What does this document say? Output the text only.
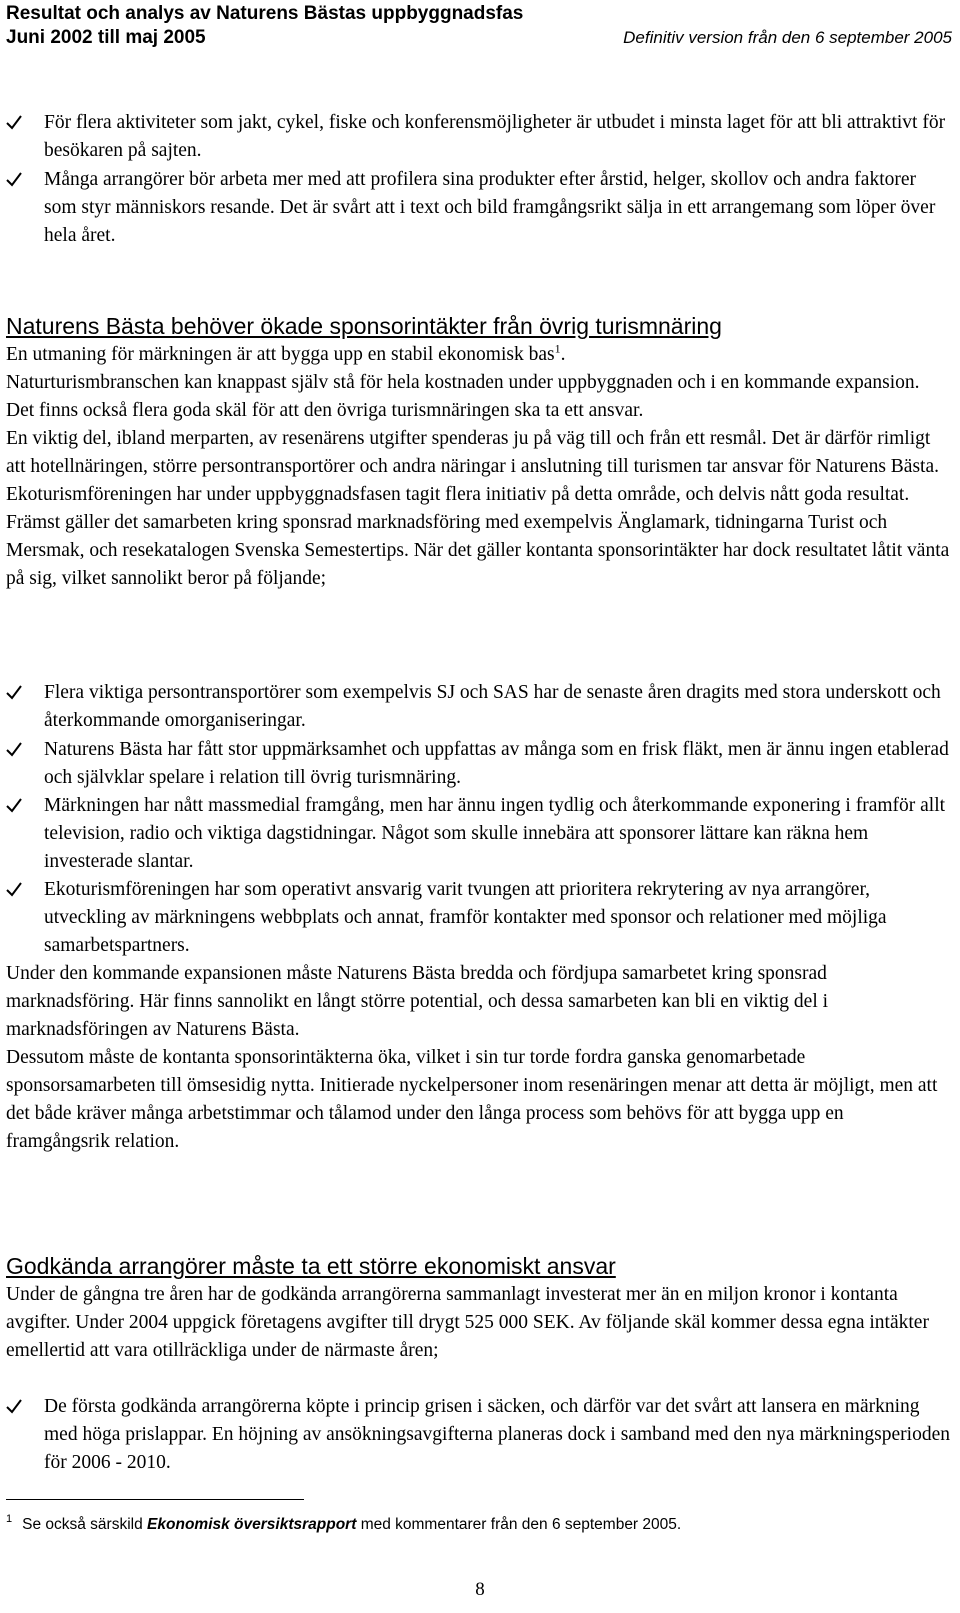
Resultat och analys av Naturens Bästas uppbyggnadsfas
Juni 2002 till maj 2005	Definitiv version från den 6 september 2005
För flera aktiviteter som jakt, cykel, fiske och konferensmöjligheter är utbudet i minsta laget för att bli attraktivt för besökaren på sajten.
Många arrangörer bör arbeta mer med att profilera sina produkter efter årstid, helger, skollov och andra faktorer som styr människors resande. Det är svårt att i text och bild framgångsrikt sälja in ett arrangemang som löper över hela året.
Naturens Bästa behöver ökade sponsorintäkter från övrig turismnäring

En utmaning för märkningen är att bygga upp en stabil ekonomisk bas$^1$.

Naturturismbranschen kan knappast själv stå för hela kostnaden under uppbyggnaden och i en kommande expansion. Det finns också flera goda skäl för att den övriga turismnäringen ska ta ett ansvar.

En viktig del, ibland merparten, av resenärens utgifter spenderas ju på väg till och från ett resmål. Det är därför rimligt att hotellnäringen, större persontransportörer och andra näringar i anslutning till turismen tar ansvar för Naturens Bästa.

Ekoturismföreningen har under uppbyggnadsfasen tagit flera initiativ på detta område, och delvis nått goda resultat. Främst gäller det samarbeten kring sponsrad marknadsföring med exempelvis Änglamark, tidningarna Turist och Mersmak, och resekatalogen Svenska Semestertips. När det gäller kontanta sponsorintäkter har dock resultatet låtit vänta på sig, vilket sannolikt beror på följande;

Flera viktiga persontransportörer som exempelvis SJ och SAS har de senaste åren dragits med stora underskott och återkommande omorganiseringar.
Naturens Bästa har fått stor uppmärksamhet och uppfattas av många som en frisk fläkt, men är ännu ingen etablerad och självklar spelare i relation till övrig turismnäring.
Märkningen har nått massmedial framgång, men har ännu ingen tydlig och återkommande exponering i framför allt television, radio och viktiga dagstidningar. Något som skulle innebära att sponsorer lättare kan räkna hem investerade slantar.
Ekoturismföreningen har som operativt ansvarig varit tvungen att prioritera rekrytering av nya arrangörer, utveckling av märkningens webbplats och annat, framför kontakter med sponsor och relationer med möjliga samarbetspartners.

Under den kommande expansionen måste Naturens Bästa bredda och fördjupa samarbetet kring sponsrad marknadsföring. Här finns sannolikt en långt större potential, och dessa samarbeten kan bli en viktig del i marknadsföringen av Naturens Bästa.

Dessutom måste de kontanta sponsorintäkterna öka, vilket i sin tur torde fordra ganska genomarbetade sponsorsamarbeten till ömsesidig nytta. Initierade nyckelpersoner inom resenäringen menar att detta är möjligt, men att det både kräver många arbetstimmar och tålamod under den långa process som behövs för att bygga upp en framgångsrik relation.

Godkända arrangörer måste ta ett större ekonomiskt ansvar

Under de gångna tre åren har de godkända arrangörerna sammanlagt investerat mer än en miljon kronor i kontanta avgifter. Under 2004 uppgick företagens avgifter till drygt 525 000 SEK. Av följande skäl kommer dessa egna intäkter emellertid att vara otillräckliga under de närmaste åren;

De första godkända arrangörerna köpte i princip grisen i säcken, och därför var det svårt att lansera en märkning med höga prislappar. En höjning av ansökningsavgifterna planeras dock i samband med den nya märkningsperioden för 2006 - 2010.
$^1$ Se också särskild Ekonomisk översiktsrapport med kommentarer från den 6 september 2005.
8
